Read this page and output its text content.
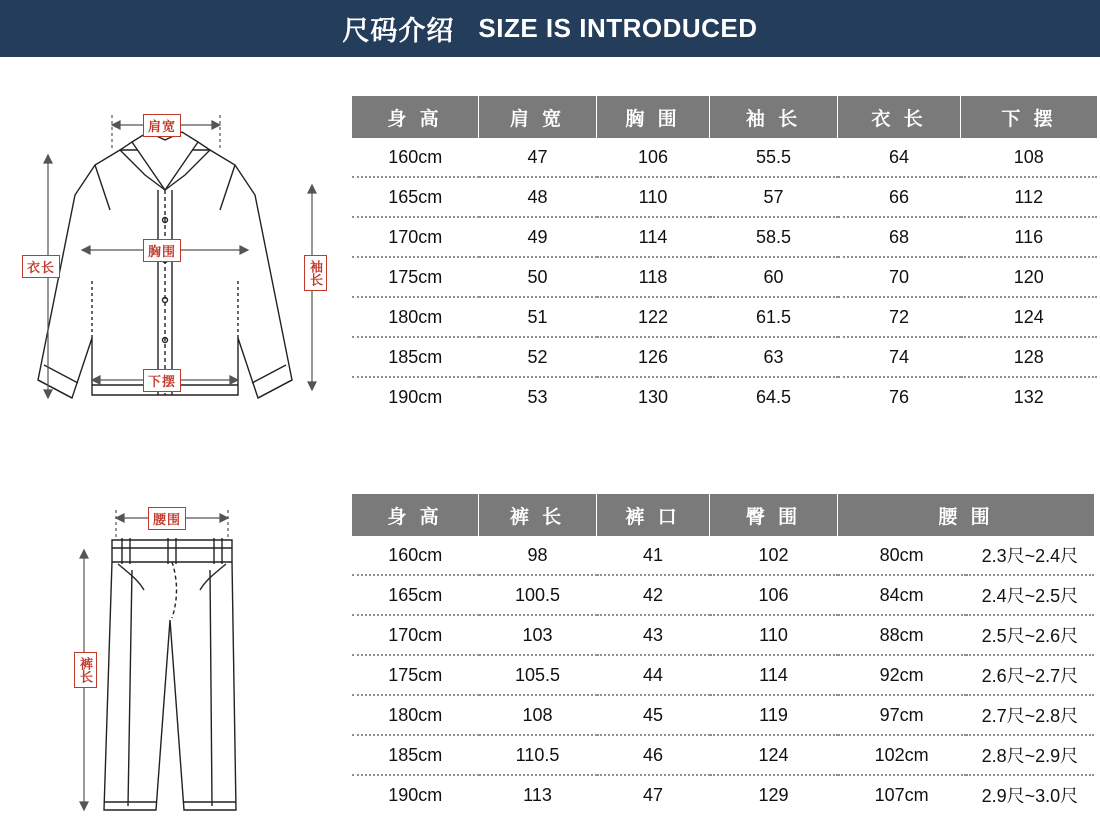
尺码介绍 SIZE IS INTRODUCED
肩宽
胸围
下摆
衣长	袖长
腰围
裤长
身 高	肩 宽	胸 围	袖 长	衣 长	下 摆
160cm	47	106	55.5	64	108
165cm	48	110	57	66	112
170cm	49	114	58.5	68	116
175cm	50	118	60	70	120
180cm	51	122	61.5	72	124
185cm	52	126	63	74	128
190cm	53	130	64.5	76	132
身 高	裤 长	裤 口	臀 围	腰 围	
160cm	98	41	102	80cm	2.3尺~2.4尺
165cm	100.5	42	106	84cm	2.4尺~2.5尺
170cm	103	43	110	88cm	2.5尺~2.6尺
175cm	105.5	44	114	92cm	2.6尺~2.7尺
180cm	108	45	119	97cm	2.7尺~2.8尺
185cm	110.5	46	124	102cm	2.8尺~2.9尺
190cm	113	47	129	107cm	2.9尺~3.0尺
